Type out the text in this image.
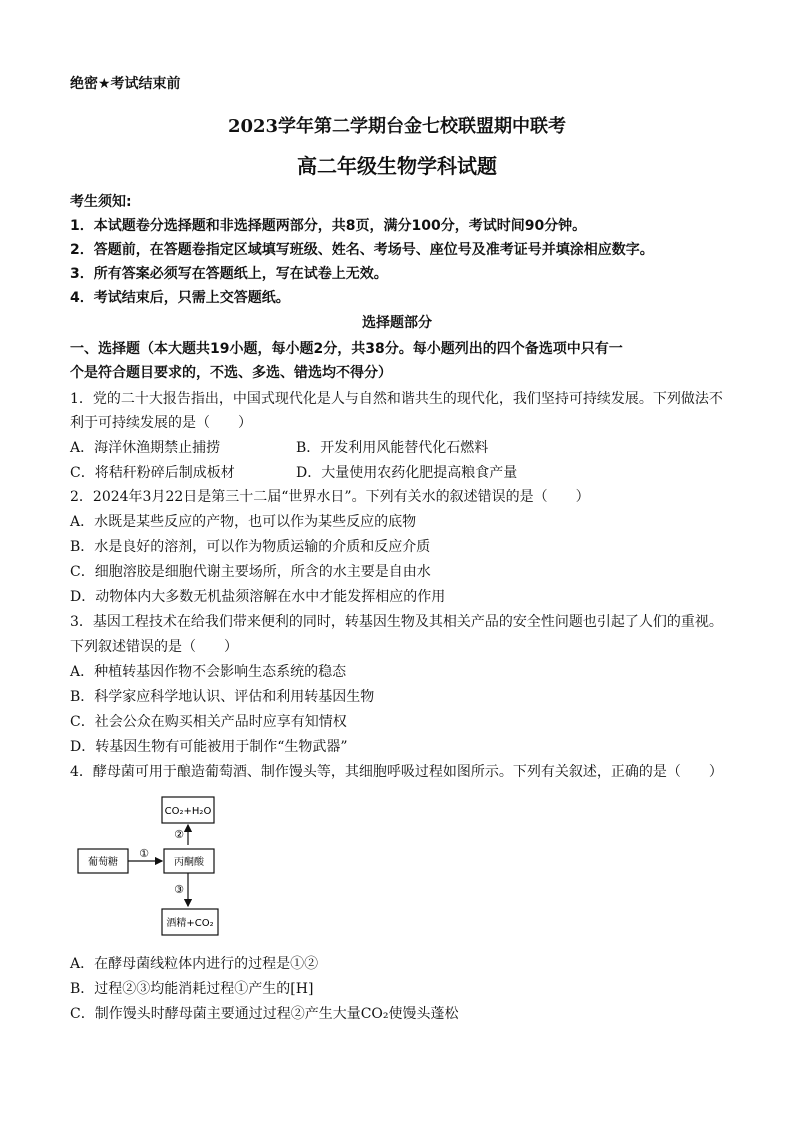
绝密★考试结束前
2023学年第二学期台金七校联盟期中联考
高二年级生物学科试题
考生须知:
1．本试题卷分选择题和非选择题两部分，共8页，满分100分，考试时间90分钟。
2．答题前，在答题卷指定区域填写班级、姓名、考场号、座位号及准考证号并填涂相应数字。
3．所有答案必须写在答题纸上，写在试卷上无效。
4．考试结束后，只需上交答题纸。
选择题部分
一、选择题（本大题共19小题，每小题2分，共38分。每小题列出的四个备选项中只有一
个是符合题目要求的，不选、多选、错选均不得分）
1．党的二十大报告指出，中国式现代化是人与自然和谐共生的现代化，我们坚持可持续发展。下列做法不
利于可持续发展的是（　　）
A．海洋休渔期禁止捕捞	B．开发利用风能替代化石燃料
C．将秸秆粉碎后制成板材	D．大量使用农药化肥提高粮食产量
2．2024年3月22日是第三十二届“世界水日”。下列有关水的叙述错误的是（　　）
A．水既是某些反应的产物，也可以作为某些反应的底物
B．水是良好的溶剂，可以作为物质运输的介质和反应介质
C．细胞溶胶是细胞代谢主要场所，所含的水主要是自由水
D．动物体内大多数无机盐须溶解在水中才能发挥相应的作用
3．基因工程技术在给我们带来便利的同时，转基因生物及其相关产品的安全性问题也引起了人们的重视。
下列叙述错误的是（　　）
A．种植转基因作物不会影响生态系统的稳态
B．科学家应科学地认识、评估和利用转基因生物
C．社会公众在购买相关产品时应享有知情权
D．转基因生物有可能被用于制作“生物武器”
4．酵母菌可用于酿造葡萄酒、制作馒头等，其细胞呼吸过程如图所示。下列有关叙述，正确的是（　　）
CO₂+H₂O
②
葡萄糖
①
丙酮酸
③
酒精+CO₂
A．在酵母菌线粒体内进行的过程是①②
B．过程②③均能消耗过程①产生的[H]
C．制作馒头时酵母菌主要通过过程②产生大量CO₂使馒头蓬松
